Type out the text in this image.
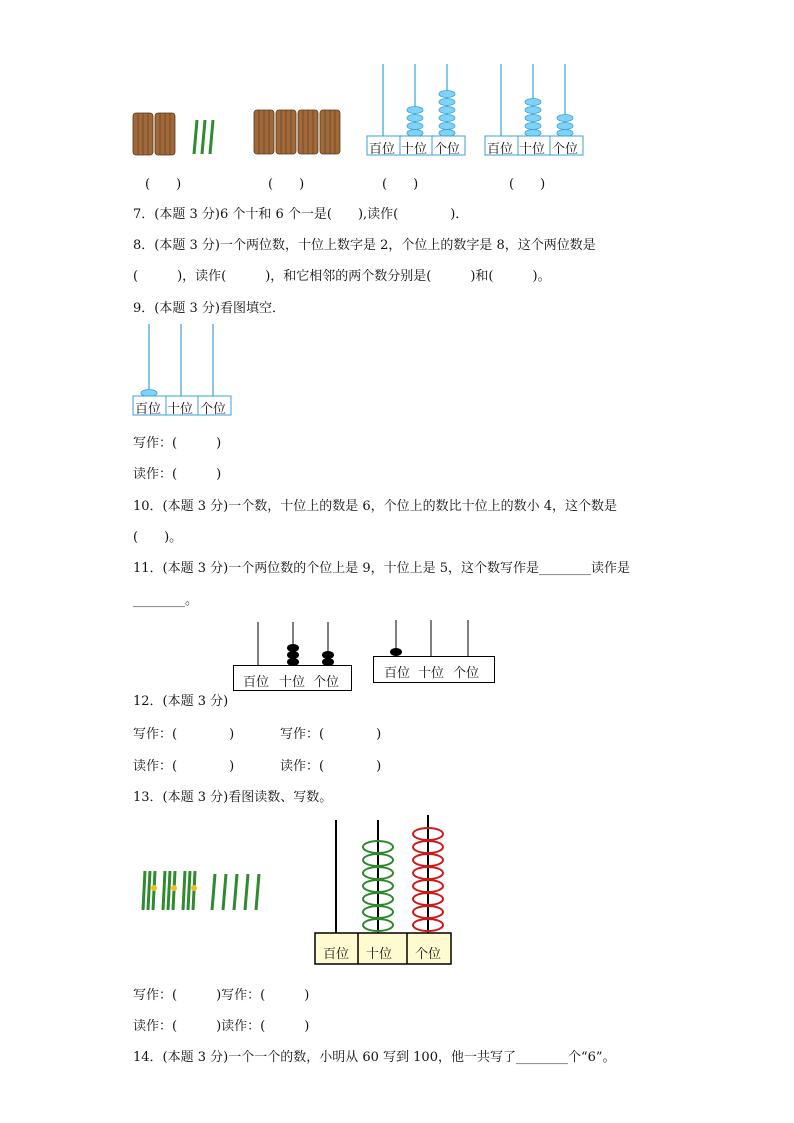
百位 十位 个位 百位 十位 个位
(　　)	(　　)	(　　)	(　　)
7．(本题 3 分)6 个十和 6 个一是(　　),读作(　　　　)．
8．(本题 3 分)一个两位数，十位上数字是 2，个位上的数字是 8，这个两位数是
(　　　)，读作(　　　)，和它相邻的两个数分别是(　　　)和(　　　)。
9．(本题 3 分)看图填空．
百位 十位 个位
写作：(　　　)
读作：(　　　)
10．(本题 3 分)一个数，十位上的数是 6，个位上的数比十位上的数小 4，这个数是
(　　)。
11．(本题 3 分)一个两位数的个位上是 9，十位上是 5，这个数写作是________读作是
________。
百位 十位 个位
百位 十位 个位
12．(本题 3 分)
写作：(　　　　)	写作：(　　　　)
读作：(　　　　)	读作：(　　　　)
13．(本题 3 分)看图读数、写数。
百位 十位 个位
写作：(　　　)写作：(　　　)
读作：(　　　)读作：(　　　)
14．(本题 3 分)一个一个的数，小明从 60 写到 100，他一共写了________个“6”。
